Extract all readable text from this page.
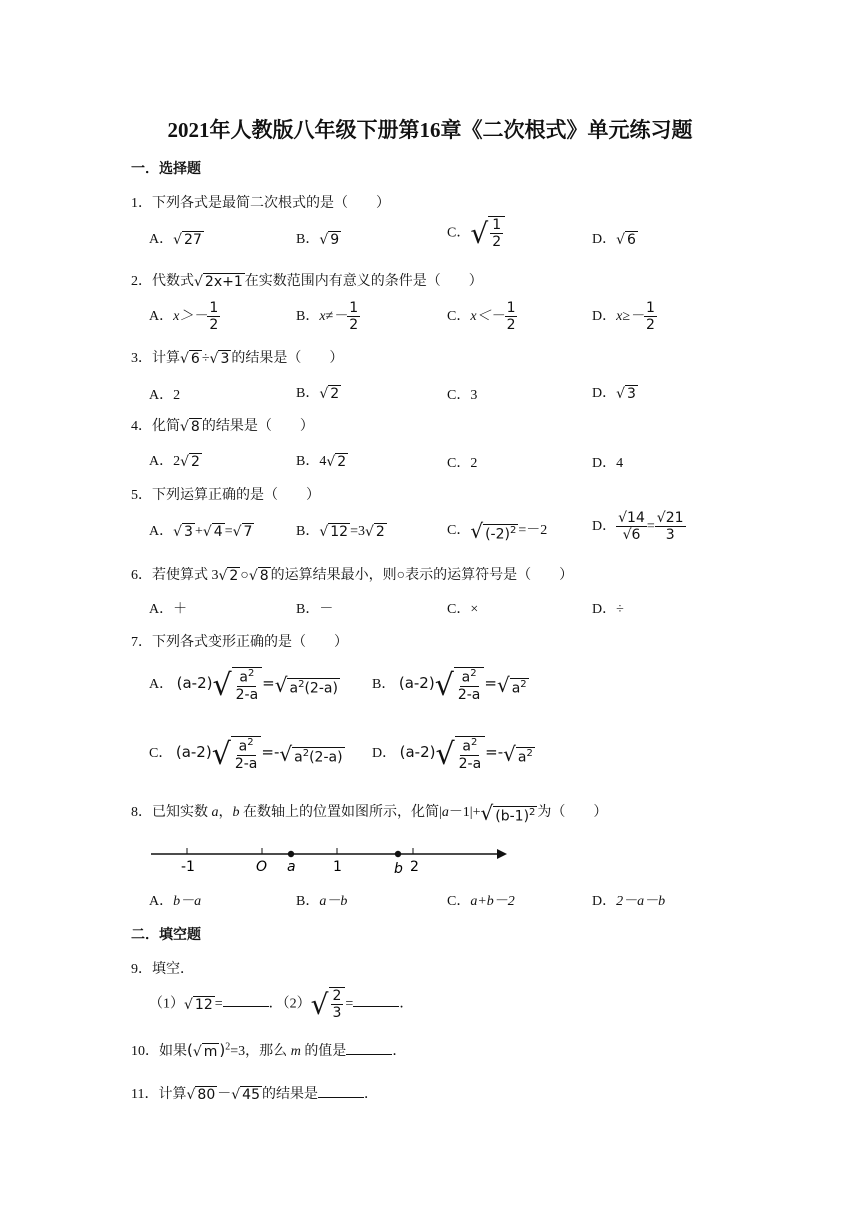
2021年人教版八年级下册第16章《二次根式》单元练习题
一．选择题
1．下列各式是最简二次根式的是（　　）
A． √ 27	B． √ 9	C． √ $\frac{1}{2}$	D． √ 6
2．代数式 √ 2x+1 在实数范围内有意义的条件是（　　）
A．$x>- \frac{1}{2}$	B．$x\ne- \frac{1}{2}$	C．$x<- \frac{1}{2}$	D．$x\ge- \frac{1}{2}$
3．计算 √ 6 ÷ √ 3 的结果是（　　）
A．2	B． √ 2	C．3	D． √ 3
4．化简 √ 8 的结果是（　　）
A．2 √ 2	B．4 √ 2	C．2	D．4
5．下列运算正确的是（　　）
A． √ 3 + √ 4 = √ 7	B． √ 12 =3 √ 2	C． √ $(-2)^2 =-2$	D． $\frac{√14}{√6} = \frac{√21}{3}$
6．若使算式 3 √ 2 ○ √ 8 的运算结果最小，则○表示的运算符号是（　　）
A．＋	B．－	C．×	D．÷
7．下列各式变形正确的是（　　）
A． (a-2) √ $a^2$
2-a
= √ $a^2(2-a)$ B． (a-2) √ $a^2$
2-a
= √ $a^2$
C． (a-2) √ $a^2$
2-a
=- √ $a^2(2-a)$ D． (a-2) √ $a^2$
2-a
=- √ $a^2$
8．已知实数 a，b 在数轴上的位置如图所示，化简|a－1|+ √ $(b-1)^2$ 为（　　）
-1	O a	1	b 2
A．b－a	B．a－b	C．a+b－2	D．2－a－b
二．填空题
9．填空．
（1） √ 12 =	．（2） √ $\frac{2}{3}$ =	．
10．如果( √ m )$^2$=3，那么 m 的值是	．
11．计算 √ 80 － √ 45 的结果是	．
